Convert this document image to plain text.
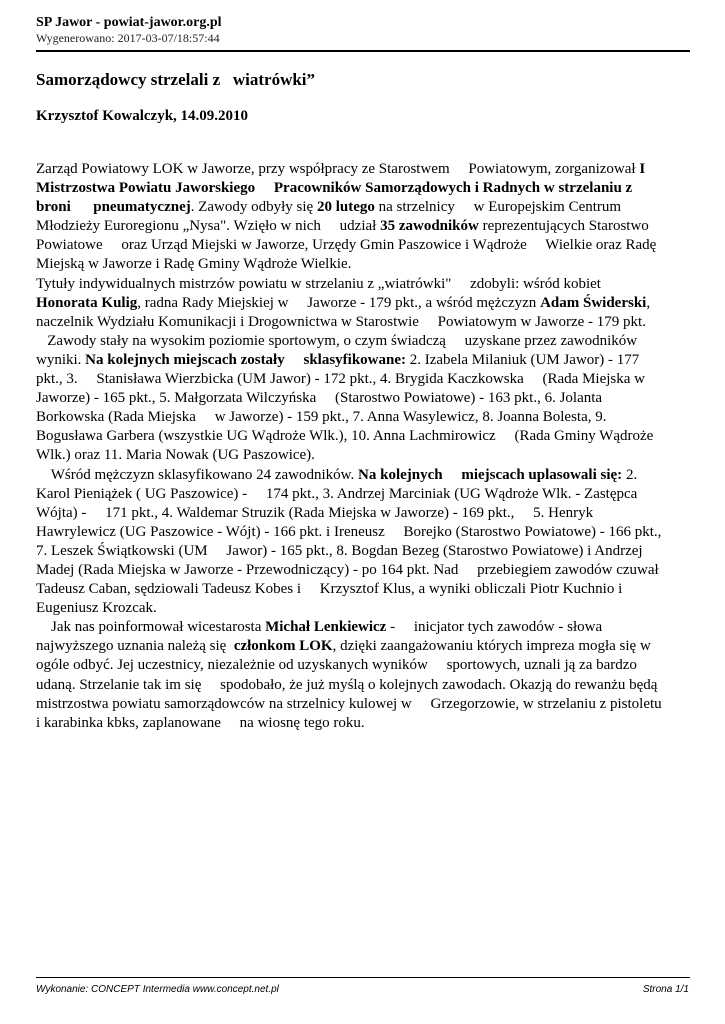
SP Jawor - powiat-jawor.org.pl
Wygenerowano: 2017-03-07/18:57:44
Samorządowcy strzelali z   wiatrówki”
Krzysztof Kowalczyk, 14.09.2010
Zarząd Powiatowy LOK w Jaworze, przy współpracy ze Starostwem     Powiatowym, zorganizował I
Mistrzostwa Powiatu Jaworskiego     Pracowników Samorządowych i Radnych w strzelaniu z
broni      pneumatycznej. Zawody odbyły się 20 lutego na strzelnicy     w Europejskim Centrum
Młodzieży Euroregionu „Nysa". Wzięło w nich     udział 35 zawodników reprezentujących Starostwo
Powiatowe     oraz Urząd Miejski w Jaworze, Urzędy Gmin Paszowice i Wądroże     Wielkie oraz Radę
Miejską w Jaworze i Radę Gminy Wądroże Wielkie.
Tytuły indywidualnych mistrzów powiatu w strzelaniu z „wiatrówki"     zdobyli: wśród kobiet
Honorata Kulig, radna Rady Miejskiej w     Jaworze - 179 pkt., a wśród mężczyzn Adam Świderski,
naczelnik Wydziału Komunikacji i Drogownictwa w Starostwie     Powiatowym w Jaworze - 179 pkt.
Zawody stały na wysokim poziomie sportowym, o czym świadczą     uzyskane przez zawodników
wyniki. Na kolejnych miejscach zostały     sklasyfikowane: 2. Izabela Milaniuk (UM Jawor) - 177
pkt., 3.     Stanisława Wierzbicka (UM Jawor) - 172 pkt., 4. Brygida Kaczkowska     (Rada Miejska w
Jaworze) - 165 pkt., 5. Małgorzata Wilczyńska     (Starostwo Powiatowe) - 163 pkt., 6. Jolanta
Borkowska (Rada Miejska     w Jaworze) - 159 pkt., 7. Anna Wasylewicz, 8. Joanna Bolesta, 9.
Bogusława Garbera (wszystkie UG Wądroże Wlk.), 10. Anna Lachmirowicz     (Rada Gminy Wądroże
Wlk.) oraz 11. Maria Nowak (UG Paszowice).
Wśród mężczyzn sklasyfikowano 24 zawodników. Na kolejnych     miejscach uplasowali się: 2.
Karol Pieniążek ( UG Paszowice) -     174 pkt., 3. Andrzej Marciniak (UG Wądroże Wlk. - Zastępca
Wójta) -     171 pkt., 4. Waldemar Struzik (Rada Miejska w Jaworze) - 169 pkt.,     5. Henryk
Hawrylewicz (UG Paszowice - Wójt) - 166 pkt. i Ireneusz     Borejko (Starostwo Powiatowe) - 166 pkt.,
7. Leszek Świątkowski (UM     Jawor) - 165 pkt., 8. Bogdan Bezeg (Starostwo Powiatowe) i Andrzej
Madej (Rada Miejska w Jaworze - Przewodniczący) - po 164 pkt. Nad     przebiegiem zawodów czuwał
Tadeusz Caban, sędziowali Tadeusz Kobes i     Krzysztof Klus, a wyniki obliczali Piotr Kuchnio i
Eugeniusz Krozcak.
Jak nas poinformował wicestarosta Michał Lenkiewicz -     inicjator tych zawodów - słowa
najwyższego uznania należą się  członkom LOK, dzięki zaangażowaniu których impreza mogła się w
ogóle odbyć. Jej uczestnicy, niezależnie od uzyskanych wyników     sportowych, uznali ją za bardzo
udaną. Strzelanie tak im się     spodobało, że już myślą o kolejnych zawodach. Okazją do rewanżu będą
mistrzostwa powiatu samorządowców na strzelnicy kulowej w     Grzegorzowie, w strzelaniu z pistoletu
i karabinka kbks, zaplanowane     na wiosnę tego roku.
Wykonanie: CONCEPT Intermedia www.concept.net.pl	Strona 1/1
